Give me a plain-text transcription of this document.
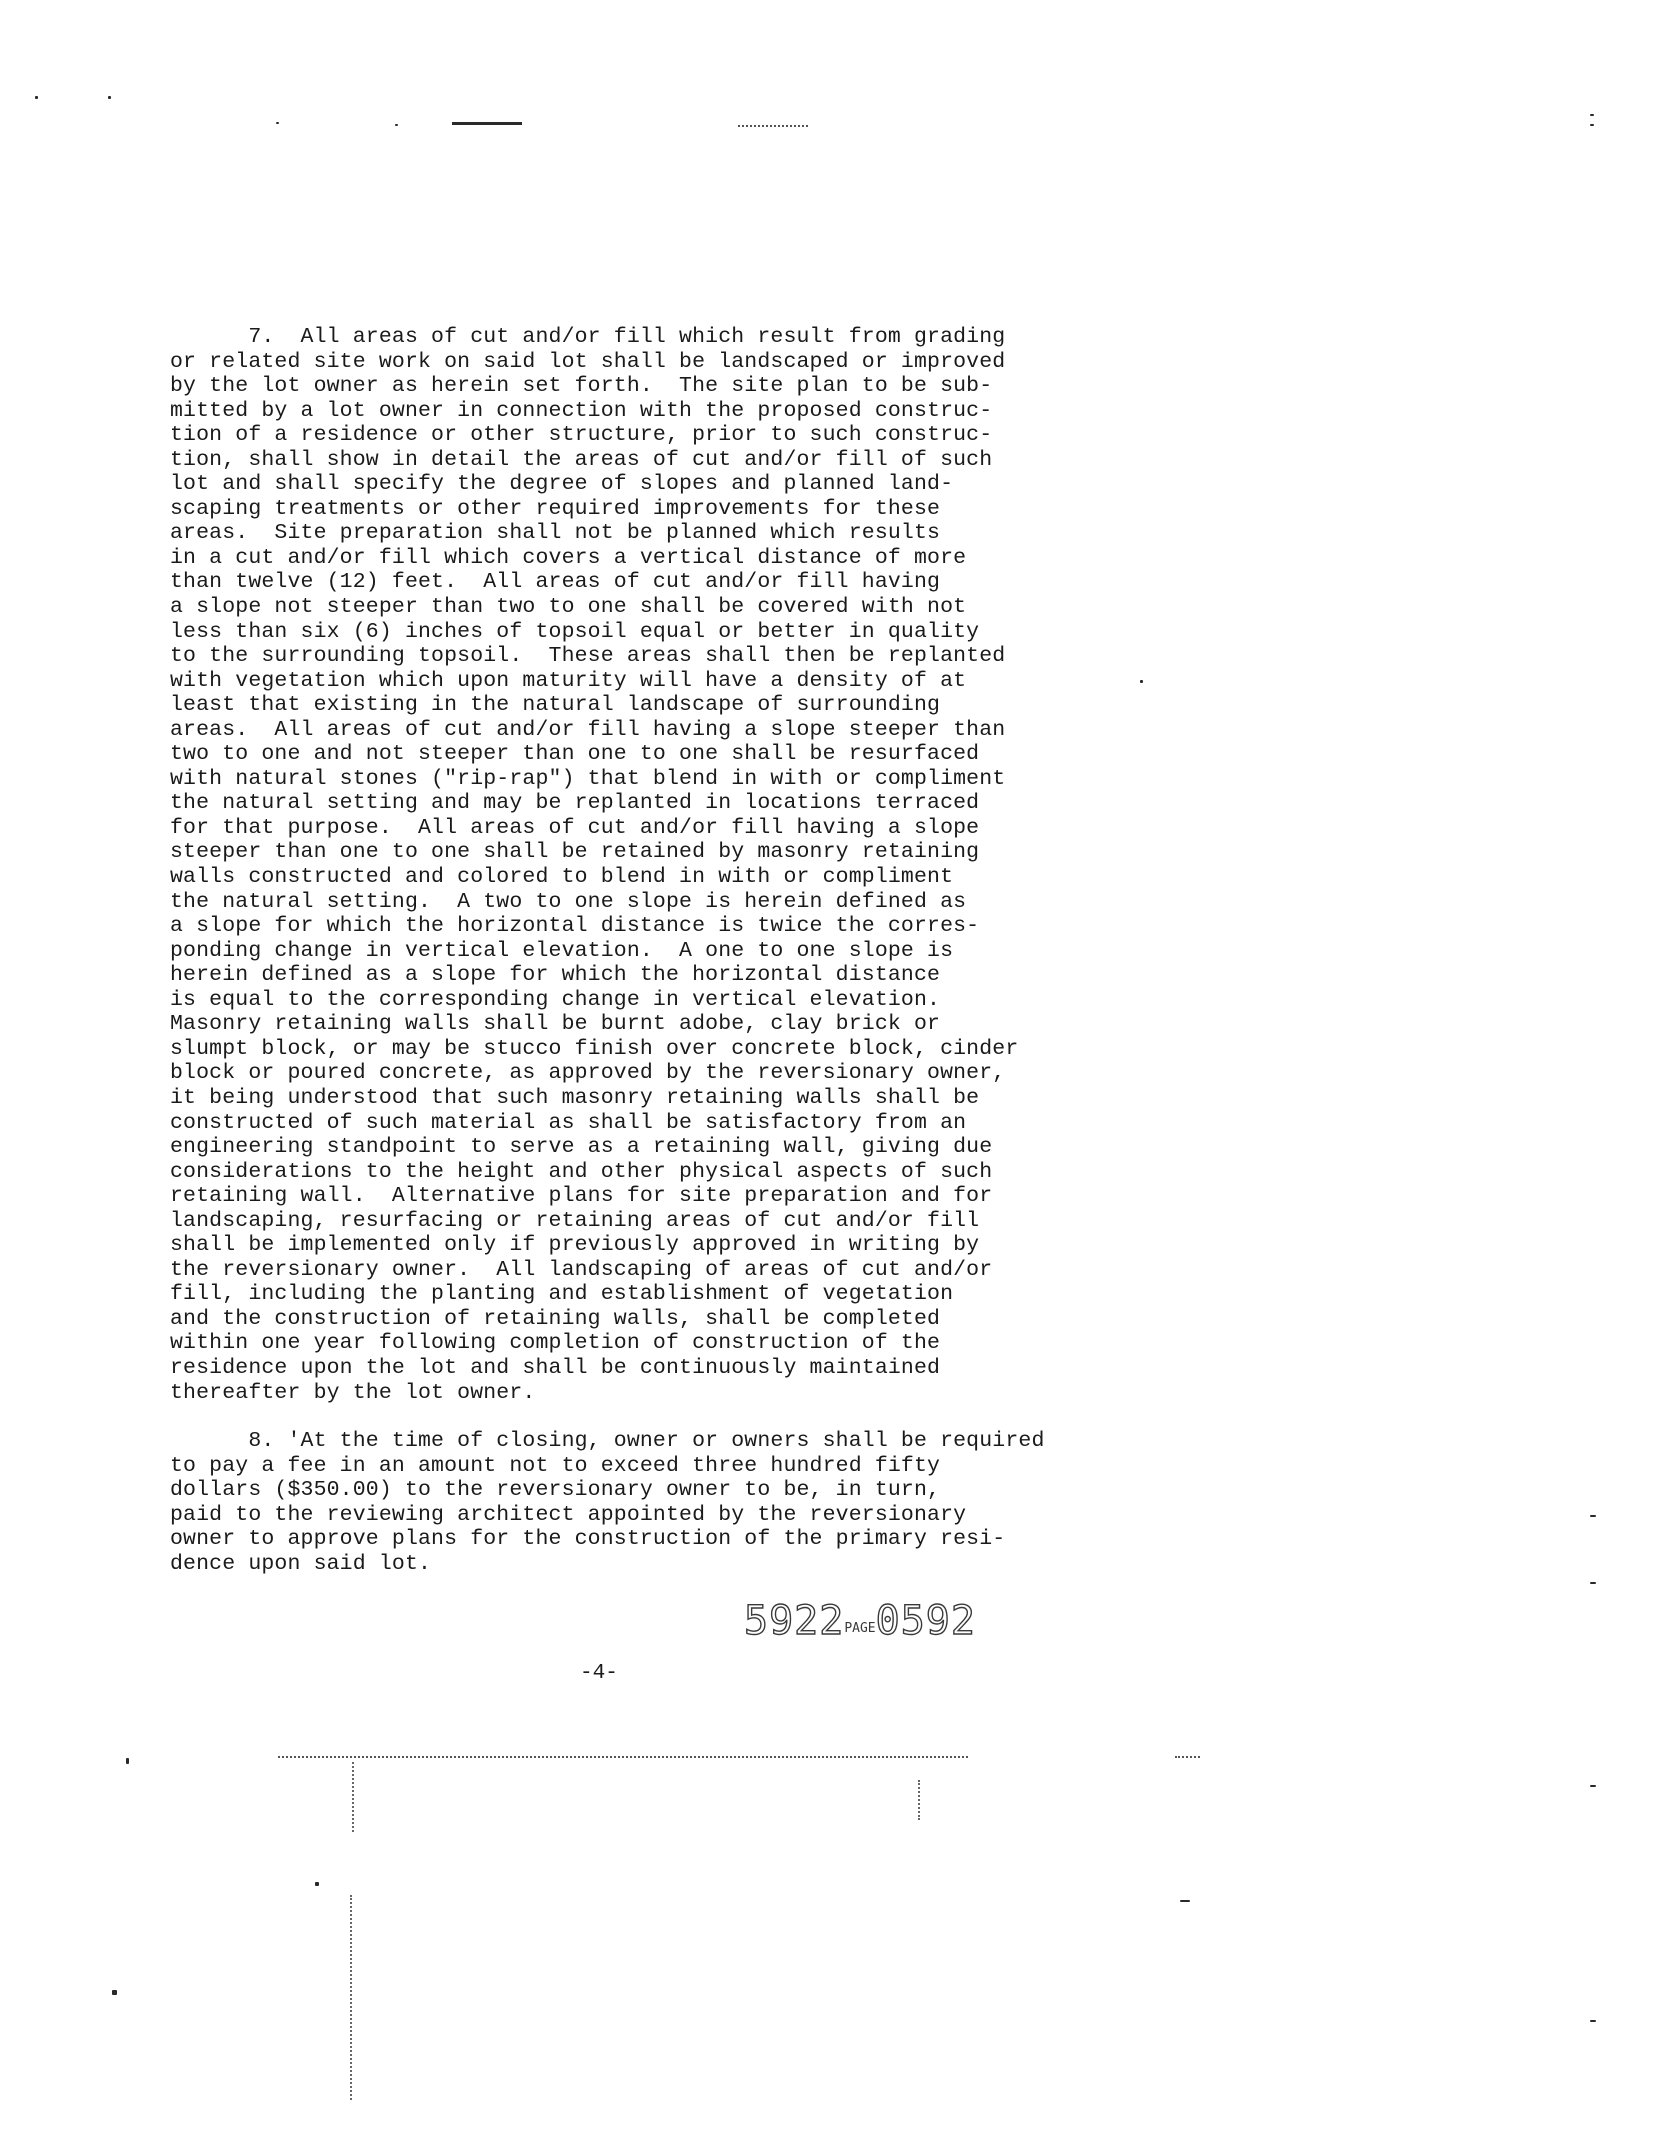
7.  All areas of cut and/or fill which result from grading
or related site work on said lot shall be landscaped or improved
by the lot owner as herein set forth.  The site plan to be sub-
mitted by a lot owner in connection with the proposed construc-
tion of a residence or other structure, prior to such construc-
tion, shall show in detail the areas of cut and/or fill of such
lot and shall specify the degree of slopes and planned land-
scaping treatments or other required improvements for these
areas.  Site preparation shall not be planned which results
in a cut and/or fill which covers a vertical distance of more
than twelve (12) feet.  All areas of cut and/or fill having
a slope not steeper than two to one shall be covered with not
less than six (6) inches of topsoil equal or better in quality
to the surrounding topsoil.  These areas shall then be replanted
with vegetation which upon maturity will have a density of at
least that existing in the natural landscape of surrounding
areas.  All areas of cut and/or fill having a slope steeper than
two to one and not steeper than one to one shall be resurfaced
with natural stones ("rip-rap") that blend in with or compliment
the natural setting and may be replanted in locations terraced
for that purpose.  All areas of cut and/or fill having a slope
steeper than one to one shall be retained by masonry retaining
walls constructed and colored to blend in with or compliment
the natural setting.  A two to one slope is herein defined as
a slope for which the horizontal distance is twice the corres-
ponding change in vertical elevation.  A one to one slope is
herein defined as a slope for which the horizontal distance
is equal to the corresponding change in vertical elevation.
Masonry retaining walls shall be burnt adobe, clay brick or
slumpt block, or may be stucco finish over concrete block, cinder
block or poured concrete, as approved by the reversionary owner,
it being understood that such masonry retaining walls shall be
constructed of such material as shall be satisfactory from an
engineering standpoint to serve as a retaining wall, giving due
considerations to the height and other physical aspects of such
retaining wall.  Alternative plans for site preparation and for
landscaping, resurfacing or retaining areas of cut and/or fill
shall be implemented only if previously approved in writing by
the reversionary owner.  All landscaping of areas of cut and/or
fill, including the planting and establishment of vegetation
and the construction of retaining walls, shall be completed
within one year following completion of construction of the
residence upon the lot and shall be continuously maintained
thereafter by the lot owner.
8. 'At the time of closing, owner or owners shall be required
to pay a fee in an amount not to exceed three hundred fifty
dollars ($350.00) to the reversionary owner to be, in turn,
paid to the reviewing architect appointed by the reversionary
owner to approve plans for the construction of the primary resi-
dence upon said lot.
5922PAGE0592
-4-
